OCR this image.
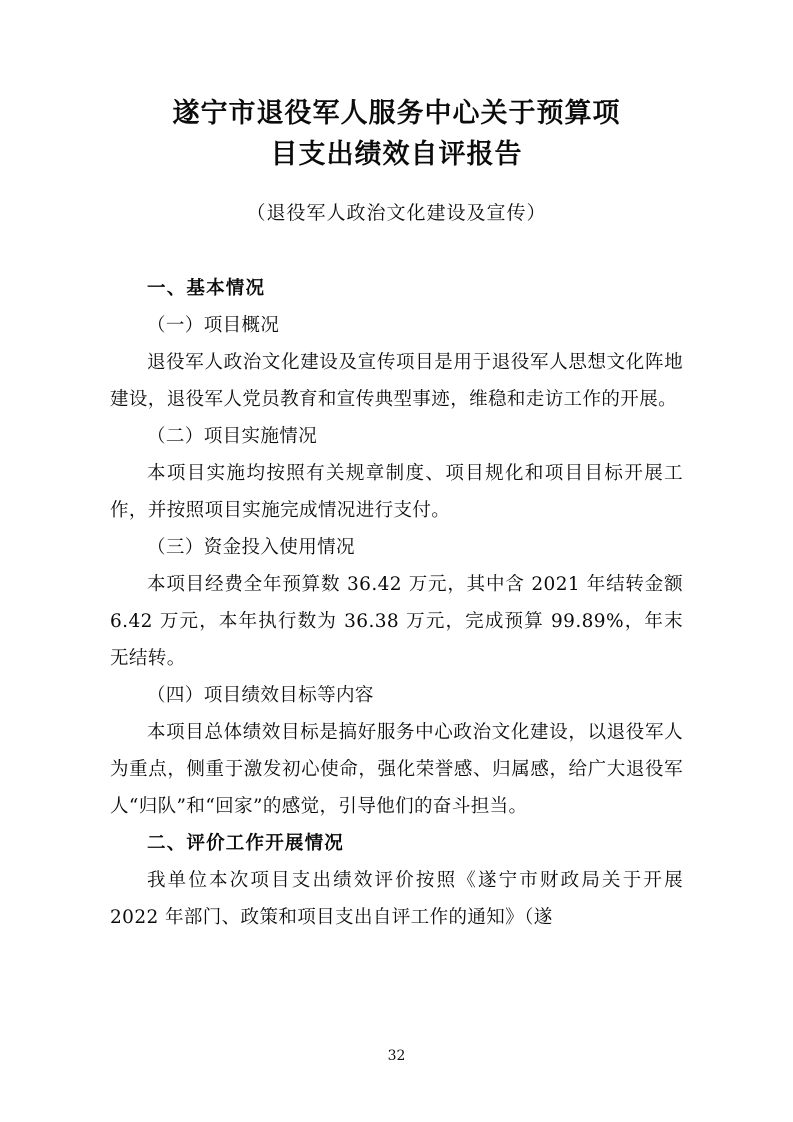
遂宁市退役军人服务中心关于预算项
目支出绩效自评报告
（退役军人政治文化建设及宣传）

一、基本情况

（一）项目概况

退役军人政治文化建设及宣传项目是用于退役军人思想文化阵地建设，退役军人党员教育和宣传典型事迹，维稳和走访工作的开展。

（二）项目实施情况

本项目实施均按照有关规章制度、项目规化和项目目标开展工作，并按照项目实施完成情况进行支付。

（三）资金投入使用情况

本项目经费全年预算数 36.42 万元，其中含 2021 年结转金额 6.42 万元，本年执行数为 36.38 万元，完成预算 99.89%，年末无结转。

（四）项目绩效目标等内容

本项目总体绩效目标是搞好服务中心政治文化建设，以退役军人为重点，侧重于激发初心使命，强化荣誉感、归属感，给广大退役军人“归队”和“回家”的感觉，引导他们的奋斗担当。

二、评价工作开展情况

我单位本次项目支出绩效评价按照《遂宁市财政局关于开展 2022 年部门、政策和项目支出自评工作的通知》（遂

32
